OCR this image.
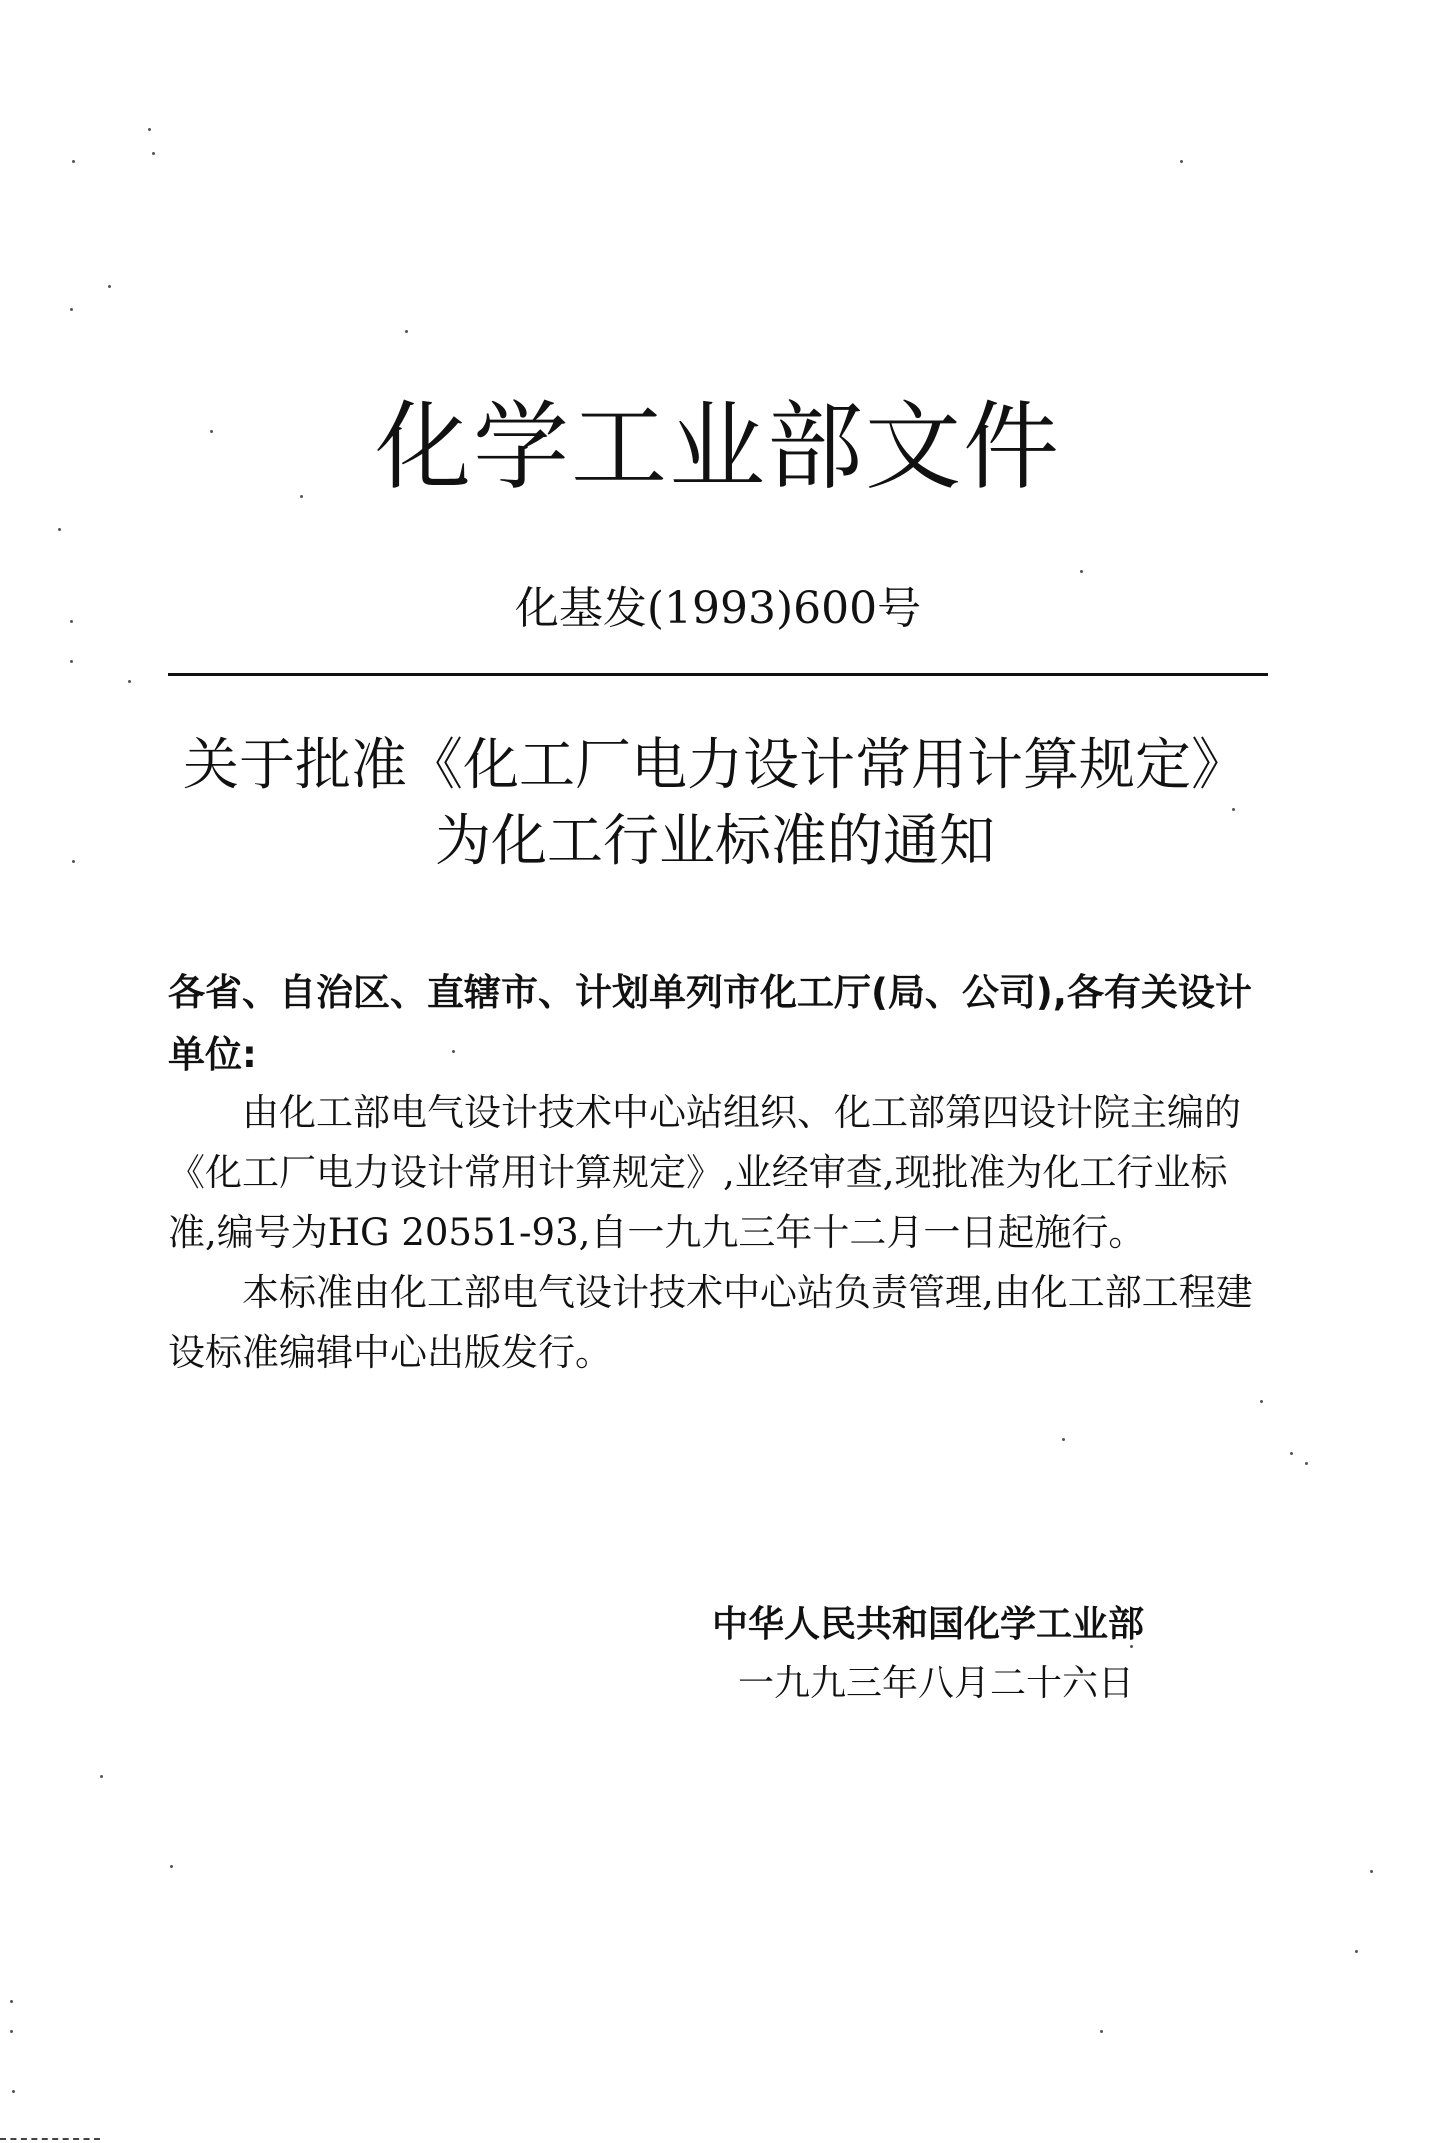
化学工业部文件
化基发(1993)600号
关于批准《化工厂电力设计常用计算规定》
为化工行业标准的通知
各省、自治区、直辖市、计划单列市化工厅(局、公司),各有关设计单位:

由化工部电气设计技术中心站组织、化工部第四设计院主编的《化工厂电力设计常用计算规定》,业经审查,现批准为化工行业标准,编号为HG 20551-93,自一九九三年十二月一日起施行。

本标准由化工部电气设计技术中心站负责管理,由化工部工程建设标准编辑中心出版发行。

中华人民共和国化学工业部
一九九三年八月二十六日
